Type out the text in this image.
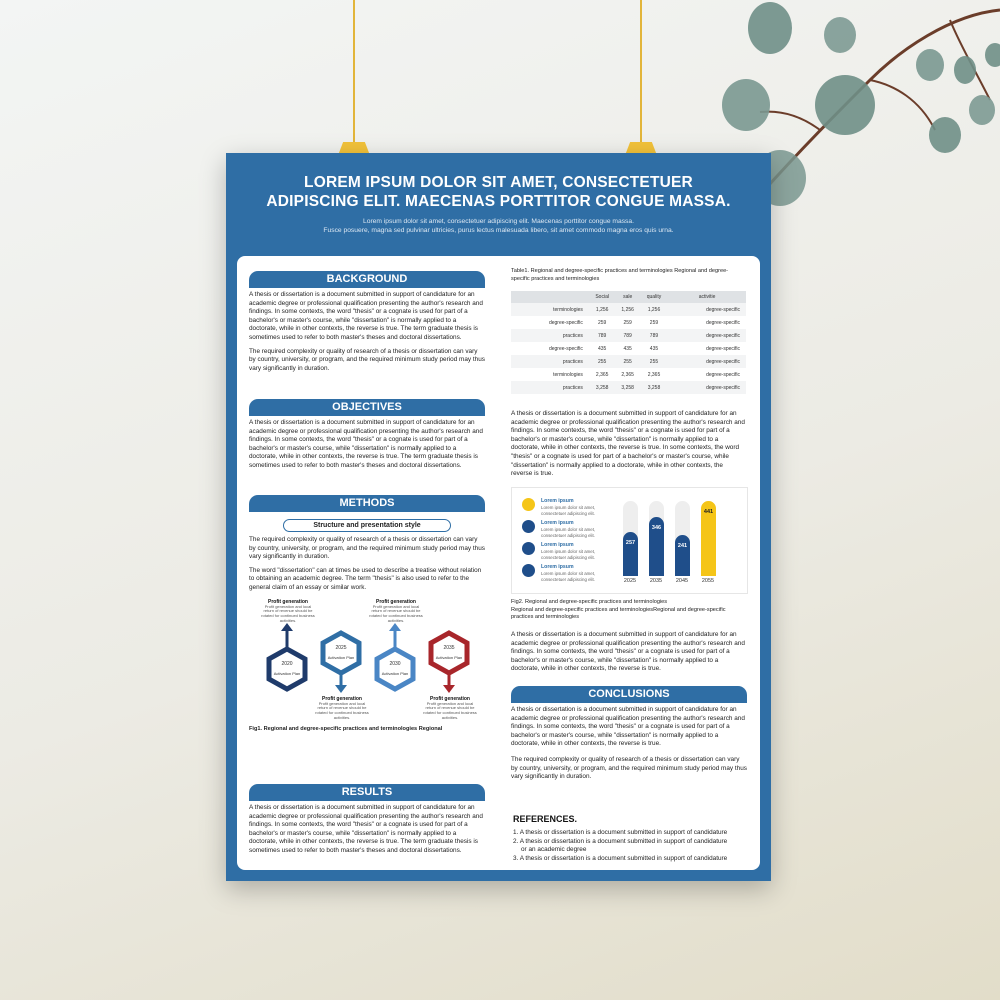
LOREM IPSUM DOLOR SIT AMET, CONSECTETUER
ADIPISCING ELIT. MAECENAS PORTTITOR CONGUE MASSA.
Lorem ipsum dolor sit amet, consectetuer adipiscing elit. Maecenas porttitor congue massa.
Fusce posuere, magna sed pulvinar ultricies, purus lectus malesuada libero, sit amet commodo magna eros quis urna.
BACKGROUND
A thesis or dissertation is a document submitted in support of candidature for an academic degree or professional qualification presenting the author's research and findings. In some contexts, the word "thesis" or a cognate is used for part of a bachelor's or master's course, while "dissertation" is normally applied to a doctorate, while in other contexts, the reverse is true. The term graduate thesis is sometimes used to refer to both master's theses and doctoral dissertations.

The required complexity or quality of research of a thesis or dissertation can vary by country, university, or program, and the required minimum study period may thus vary significantly in duration.

OBJECTIVES
A thesis or dissertation is a document submitted in support of candidature for an academic degree or professional qualification presenting the author's research and findings. In some contexts, the word "thesis" or a cognate is used for part of a bachelor's or master's course, while "dissertation" is normally applied to a doctorate, while in other contexts, the reverse is true. The term graduate thesis is sometimes used to refer to both master's theses and doctoral dissertations.
METHODS
Structure and presentation style
The required complexity or quality of research of a thesis or dissertation can vary by country, university, or program, and the required minimum study period may thus vary significantly in duration.

The word "dissertation" can at times be used to describe a treatise without relation to obtaining an academic degree. The term "thesis" is also used to refer to the general claim of an essay or similar work.

2020
Activation Plan
2025
Activation Plan
2030
Activation Plan
2035
Activation Plan
Profit generation
Profit generation and local return of revenue should be rotated for continued business activities.
Profit generation
Profit generation and local return of revenue should be rotated for continued business activities.
Profit generation
Profit generation and local return of revenue should be rotated for continued business activities.
Profit generation
Profit generation and local return of revenue should be rotated for continued business activities.
Fig1. Regional and degree-specific practices and terminologies Regional
RESULTS
A thesis or dissertation is a document submitted in support of candidature for an academic degree or professional qualification presenting the author's research and findings. In some contexts, the word "thesis" or a cognate is used for part of a bachelor's or master's course, while "dissertation" is normally applied to a doctorate, while in other contexts, the reverse is true. The term graduate thesis is sometimes used to refer to both master's theses and doctoral dissertations.
Table1. Regional and degree-specific practices and terminologies Regional and degree-specific practices and terminologies
	Social	sale	quality	activitie
terminologies	1,256	1,256	1,256	degree-specific
degree-specific	259	259	259	degree-specific
practices	789	789	789	degree-specific
degree-specific	435	435	435	degree-specific
practices	255	255	255	degree-specific
terminologies	2,365	2,365	2,365	degree-specific
practices	3,258	3,258	3,258	degree-specific
A thesis or dissertation is a document submitted in support of candidature for an academic degree or professional qualification presenting the author's research and findings. In some contexts, the word "thesis" or a cognate is used for part of a bachelor's or master's course, while "dissertation" is normally applied to a doctorate, while in other contexts, the reverse is true. In some contexts, the word "thesis" or a cognate is used for part of a bachelor's or master's course, while "dissertation" is normally applied to a doctorate, while in other contexts, the reverse is true.
Lorem ipsum
Lorem ipsum dolor sit amet, consectetuer adipiscing elit.
Lorem ipsum
Lorem ipsum dolor sit amet, consectetuer adipiscing elit.
Lorem ipsum
Lorem ipsum dolor sit amet, consectetuer adipiscing elit.
Lorem ipsum
Lorem ipsum dolor sit amet, consectetuer adipiscing elit.
257
2025
346
2035
241
2045
441
2055
Fig2. Regional and degree-specific practices and terminologies
Regional and degree-specific practices and terminologiesRegional and degree-specific practices and terminologies
A thesis or dissertation is a document submitted in support of candidature for an academic degree or professional qualification presenting the author's research and findings. In some contexts, the word "thesis" or a cognate is used for part of a bachelor's or master's course, while "dissertation" is normally applied to a doctorate, while in other contexts, the reverse is true.
CONCLUSIONS
A thesis or dissertation is a document submitted in support of candidature for an academic degree or professional qualification presenting the author's research and findings. In some contexts, the word "thesis" or a cognate is used for part of a bachelor's or master's course, while "dissertation" is normally applied to a doctorate, while in other contexts, the reverse is true.

The required complexity or quality of research of a thesis or dissertation can vary by country, university, or program, and the required minimum study period may thus vary significantly in duration.

REFERENCES.
1. A thesis or dissertation is a document submitted in support of candidature
2. A thesis or dissertation is a document submitted in support of candidature
or an academic degree
3. A thesis or dissertation is a document submitted in support of candidature
